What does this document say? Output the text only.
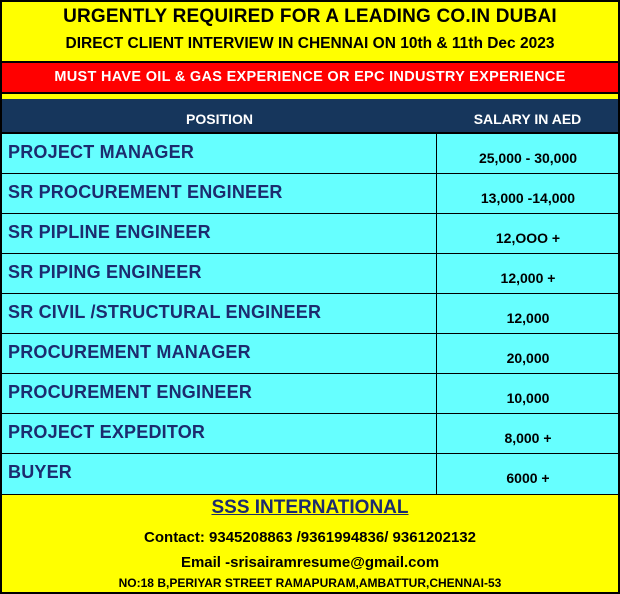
URGENTLY REQUIRED FOR A LEADING CO.IN DUBAI
DIRECT CLIENT INTERVIEW IN CHENNAI ON 10th & 11th Dec 2023
MUST HAVE OIL & GAS EXPERIENCE OR EPC INDUSTRY EXPERIENCE
POSITION	SALARY IN AED
PROJECT MANAGER	25,000 - 30,000
SR PROCUREMENT ENGINEER	13,000 -14,000
SR PIPLINE ENGINEER	12,OOO +
SR PIPING ENGINEER	12,000 +
SR CIVIL /STRUCTURAL ENGINEER	12,000
PROCUREMENT MANAGER	20,000
PROCUREMENT ENGINEER	10,000
PROJECT EXPEDITOR	8,000 +
BUYER	6000 +
SSS INTERNATIONAL
Contact: 9345208863 /9361994836/ 9361202132
Email -srisairamresume@gmail.com
NO:18 B,PERIYAR STREET RAMAPURAM,AMBATTUR,CHENNAI-53
